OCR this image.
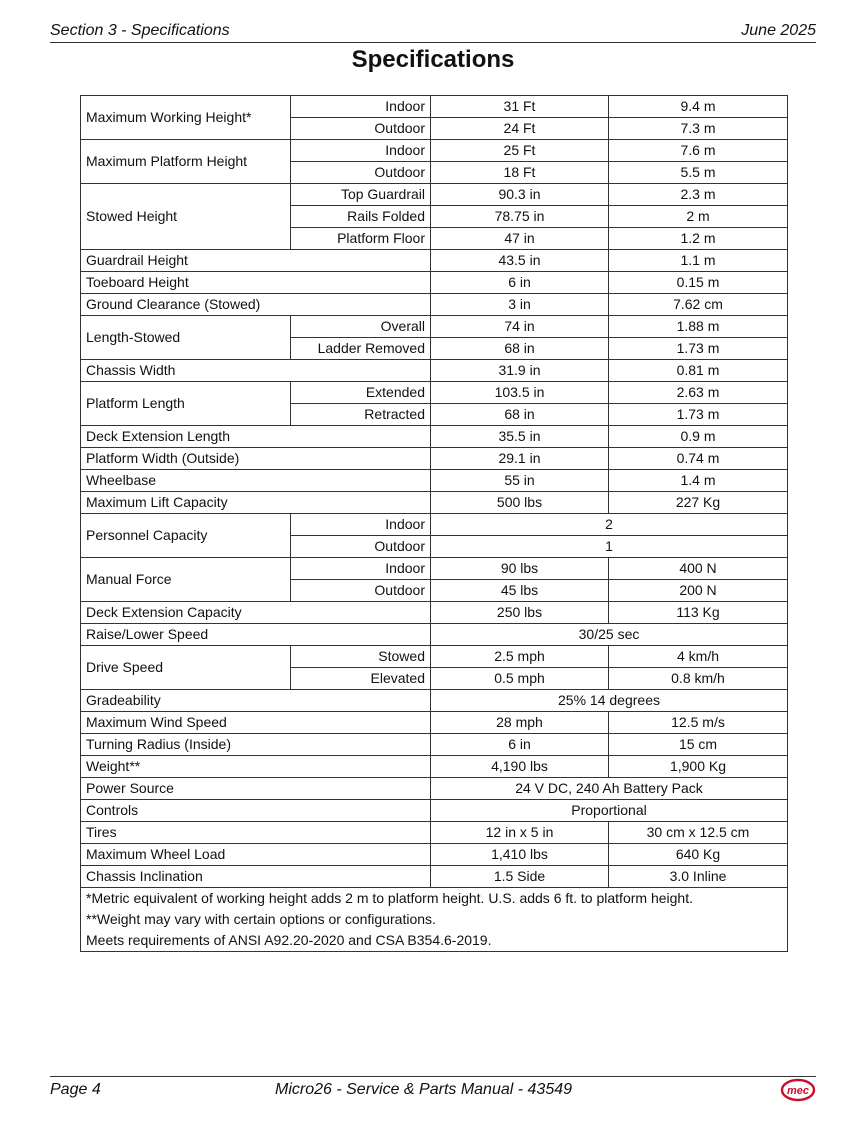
Section 3 - Specifications	June 2025
Specifications
Maximum Working Height*	Indoor	31 Ft	9.4 m
	Outdoor	24 Ft	7.3 m
Maximum Platform Height	Indoor	25 Ft	7.6 m
	Outdoor	18 Ft	5.5 m
Stowed Height	Top Guardrail	90.3 in	2.3 m
	Rails Folded	78.75 in	2 m
	Platform Floor	47 in	1.2 m
Guardrail Height		43.5 in	1.1 m
Toeboard Height		6 in	0.15 m
Ground Clearance (Stowed)		3 in	7.62 cm
Length-Stowed	Overall	74 in	1.88 m
	Ladder Removed	68 in	1.73 m
Chassis Width		31.9 in	0.81 m
Platform Length	Extended	103.5 in	2.63 m
	Retracted	68 in	1.73 m
Deck Extension Length		35.5 in	0.9 m
Platform Width (Outside)		29.1 in	0.74 m
Wheelbase		55 in	1.4 m
Maximum Lift Capacity		500 lbs	227 Kg
Personnel Capacity	Indoor	2	
	Outdoor	1	
Manual Force	Indoor	90 lbs	400 N
	Outdoor	45 lbs	200 N
Deck Extension Capacity		250 lbs	113 Kg
Raise/Lower Speed		30/25 sec	
Drive Speed	Stowed	2.5 mph	4 km/h
	Elevated	0.5 mph	0.8 km/h
Gradeability		25% 14 degrees	
Maximum Wind Speed		28 mph	12.5 m/s
Turning Radius (Inside)		6 in	15 cm
Weight**		4,190 lbs	1,900 Kg
Power Source		24 V DC, 240 Ah Battery Pack	
Controls		Proportional	
Tires		12 in x 5 in	30 cm x 12.5 cm
Maximum Wheel Load		1,410 lbs	640 Kg
Chassis Inclination		1.5 Side	3.0 Inline

*Metric equivalent of working height adds 2 m to platform height. U.S. adds 6 ft. to platform height.
**Weight may vary with certain options or configurations.
Meets requirements of ANSI A92.20-2020 and CSA B354.6-2019.			
Page 4	Micro26 - Service & Parts Manual - 43549	mec
